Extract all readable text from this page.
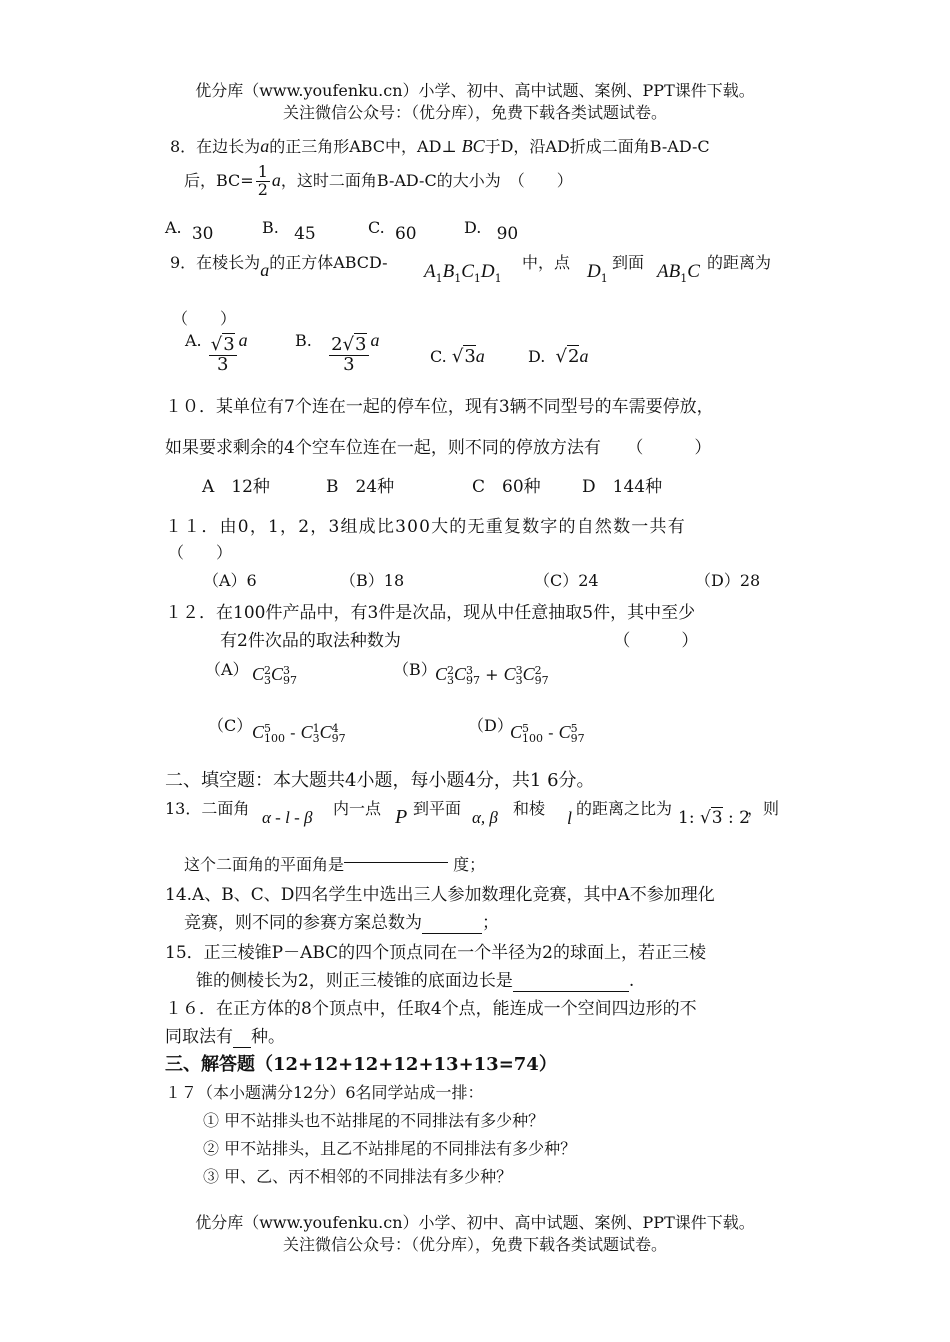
优分库（www.youfenku.cn）小学、初中、高中试题、案例、PPT课件下载。
关注微信公众号：（优分库），免费下载各类试题试卷。
8．在边长为a的正三角形ABC中，AD⊥ BC于D，沿AD折成二面角B-AD-C
后，$BC= \frac{1}{2}$ a，这时二面角B-AD-C的大小为　（　　）
A. 30	B. 45	C. 60	D. 90
9．在棱长为a的正方体ABCD- $A_1B_1C_1D_1$
中，点 $D_1$
到面 $AB_1C$ 的距离为
（　　）
A. $\frac{√3}{3}$ a	B. $\frac{2√3}{3}$ a
C. √3a	D. √2a
１０．某单位有7个连在一起的停车位，现有3辆不同型号的车需要停放，
如果要求剩余的4个空车位连在一起，则不同的停放方法有　　（　　　）
A　12种	B　24种	C　60种 D　144种
１１．由0，1，2，3组成比300大的无重复数字的自然数一共有
（　　）
（A）6	（B）18	（C）24	（D）28
１２．在100件产品中，有3件是次品，现从中任意抽取5件，其中至少
有2件次品的取法种数为　　　　　　　　　　　　　（　　　）
（A） C 2
3 C 3
97
（B）
C 2
3 C 3
97 + C 3
3 C 2
97
（C） C 5
100 - C 1
3 C 4
97
（D）
C 5
100 - C 5
97
二、填空题：本大题共4小题，每小题4分，共1 6分。
13．二面角 α - l - β 内一点 P 到平面 α, β 和棱 l 的距离之比为 1: √3 : 2
，则
这个二面角的平面角是	度；
14.A、B、C、D四名学生中选出三人参加数理化竞赛，其中A不参加理化
竞赛，则不同的参赛方案总数为	；
15．正三棱锥P－ABC的四个顶点同在一个半径为2的球面上，若正三棱
锥的侧棱长为2，则正三棱锥的底面边长是	.
１６．在正方体的8个顶点中，任取4个点，能连成一个空间四边形的不
同取法有 种。
三、解答题（12+12+12+12+13+13=74）
１７（本小题满分12分）6名同学站成一排：
① 甲不站排头也不站排尾的不同排法有多少种？
② 甲不站排头，且乙不站排尾的不同排法有多少种？
③ 甲、乙、丙不相邻的不同排法有多少种？
优分库（www.youfenku.cn）小学、初中、高中试题、案例、PPT课件下载。
关注微信公众号：（优分库），免费下载各类试题试卷。
